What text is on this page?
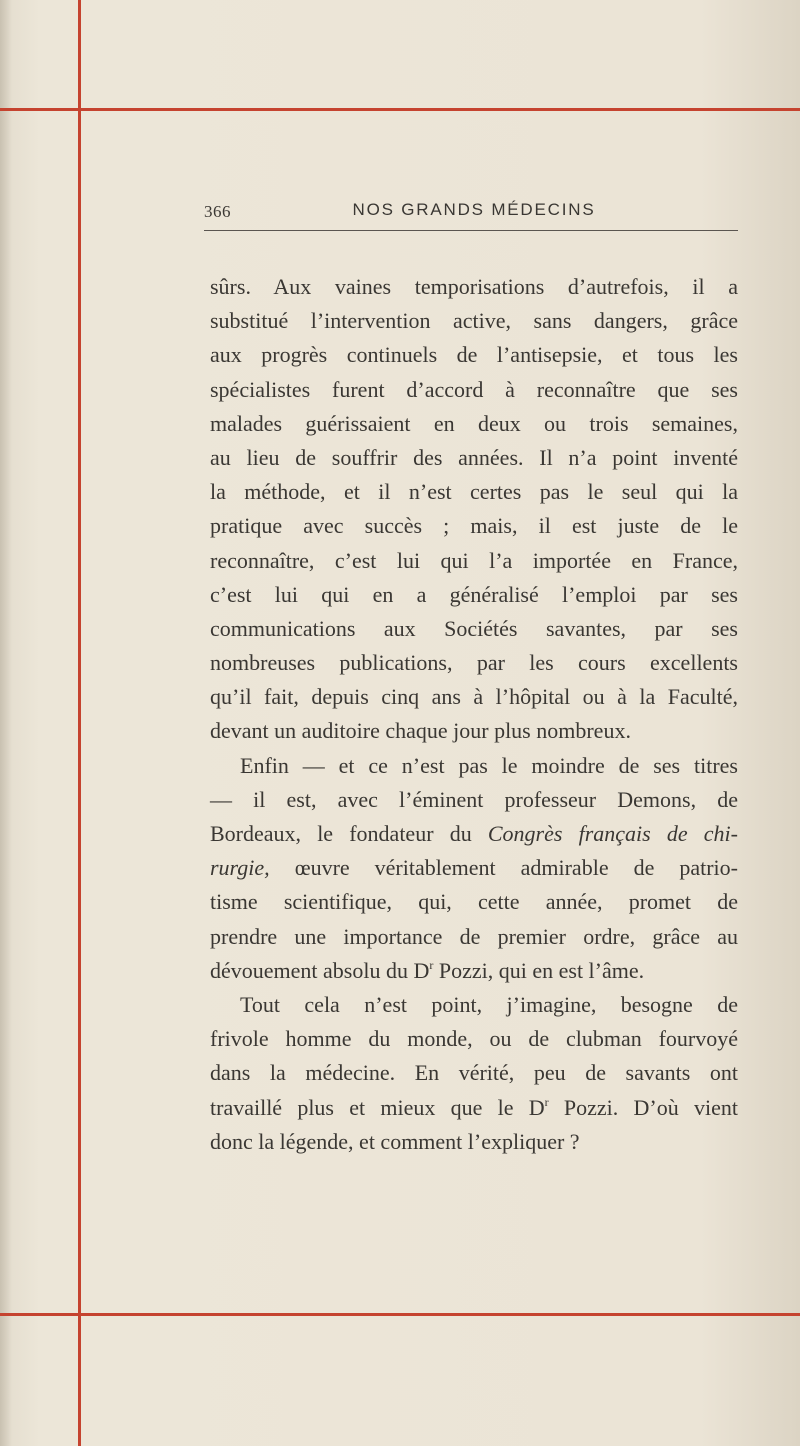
366	NOS GRANDS MÉDECINS
sûrs. Aux vaines temporisations d’autrefois, il a
substitué l’intervention active, sans dangers, grâce
aux progrès continuels de l’antisepsie, et tous les
spécialistes furent d’accord à reconnaître que ses
malades guérissaient en deux ou trois semaines,
au lieu de souffrir des années. Il n’a point inventé
la méthode, et il n’est certes pas le seul qui la
pratique avec succès ; mais, il est juste de le
reconnaître, c’est lui qui l’a importée en France,
c’est lui qui en a généralisé l’emploi par ses
communications aux Sociétés savantes, par ses
nombreuses publications, par les cours excellents
qu’il fait, depuis cinq ans à l’hôpital ou à la Faculté,
devant un auditoire chaque jour plus nombreux.
Enfin — et ce n’est pas le moindre de ses titres
— il est, avec l’éminent professeur Demons, de
Bordeaux, le fondateur du Congrès français de chi-
rurgie, œuvre véritablement admirable de patrio-
tisme scientifique, qui, cette année, promet de
prendre une importance de premier ordre, grâce au
dévouement absolu du $D^r$ Pozzi, qui en est l’âme.
Tout cela n’est point, j’imagine, besogne de
frivole homme du monde, ou de clubman fourvoyé
dans la médecine. En vérité, peu de savants ont
travaillé plus et mieux que le $D^r$ Pozzi. D’où vient
donc la légende, et comment l’expliquer ?
